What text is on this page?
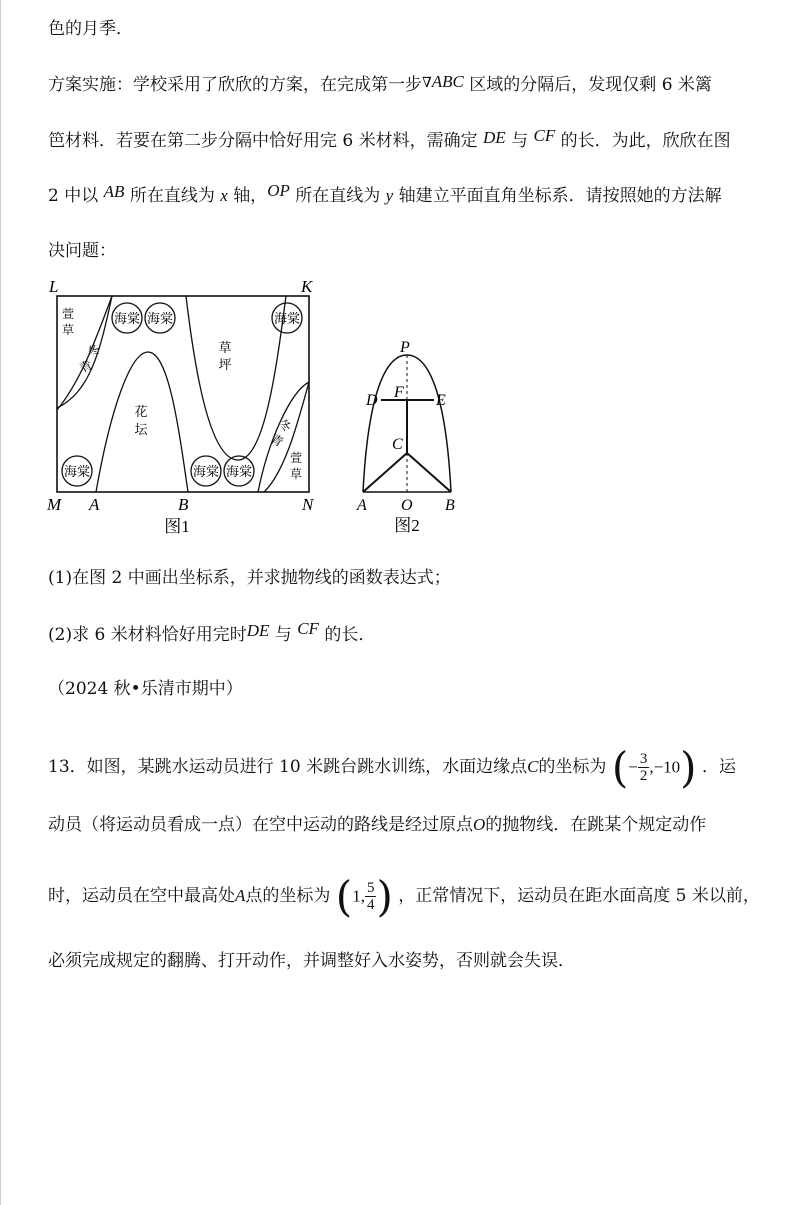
色的月季．
方案实施：学校采用了欣欣的方案，在完成第一步∇ABC 区域的分隔后，发现仅剩 6 米篱
笆材料．若要在第二步分隔中恰好用完 6 米材料，需确定 DE 与 CF 的长．为此，欣欣在图
2 中以 AB 所在直线为 x 轴，OP 所在直线为 y 轴建立平面直角坐标系．请按照她的方法解
决问题：
L	K
M	N
A	B
海棠 海棠	海棠
海棠	海棠 海棠
萱
草
冬
青
花
坛
草
坪
冬
青
萱
草
图1
P
D F E
C
A O B
图2
(1)在图 2 中画出坐标系，并求抛物线的函数表达式；
(2)求 6 米材料恰好用完时DE 与 CF 的长．
（2024 秋•乐清市期中）
13．如图，某跳水运动员进行 10 米跳台跳水训练，水面边缘点C的坐标为 $(-\frac{3}{2},-10)$ ．运
动员（将运动员看成一点）在空中运动的路线是经过原点O的抛物线．在跳某个规定动作
时，运动员在空中最高处A点的坐标为 $(1,\frac{5}{4})$ ，正常情况下，运动员在距水面高度 5 米以前，
必须完成规定的翻腾、打开动作，并调整好入水姿势，否则就会失误．
